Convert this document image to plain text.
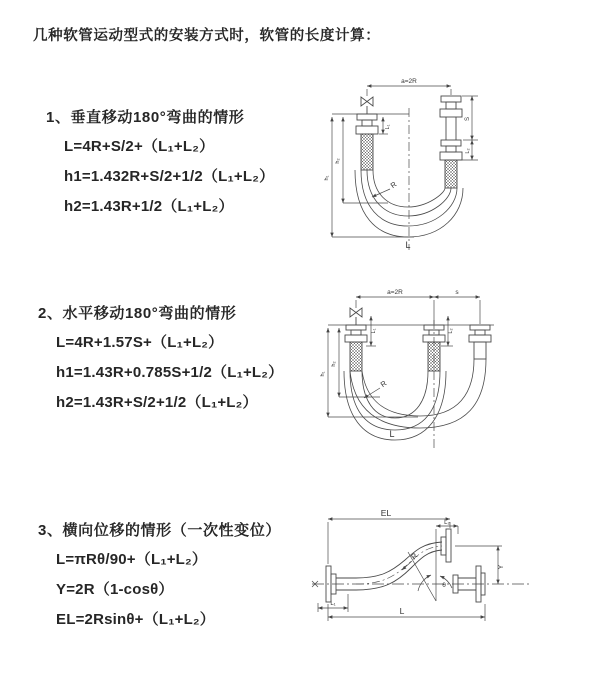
几种软管运动型式的安装方式时，软管的长度计算：
1、垂直移动180°弯曲的情形
L=4R+S/2+（L₁+L₂）
h1=1.432R+S/2+1/2（L₁+L₂）
h2=1.43R+1/2（L₁+L₂）
a=2R
L₁
S
L₂
h₁
h₂
R
L
2、水平移动180°弯曲的情形
L=4R+1.57S+（L₁+L₂）
h1=1.43R+0.785S+1/2（L₁+L₂）
h2=1.43R+S/2+1/2（L₁+L₂）
a=2R	s
L₁	L₂
h₁
h₂
R
L
3、横向位移的情形（一次性变位）
L=πRθ/90+（L₁+L₂）
Y=2R（1-cosθ）
EL=2Rsinθ+（L₁+L₂）
EL
L₂
Y
R
θ
L
L₁
